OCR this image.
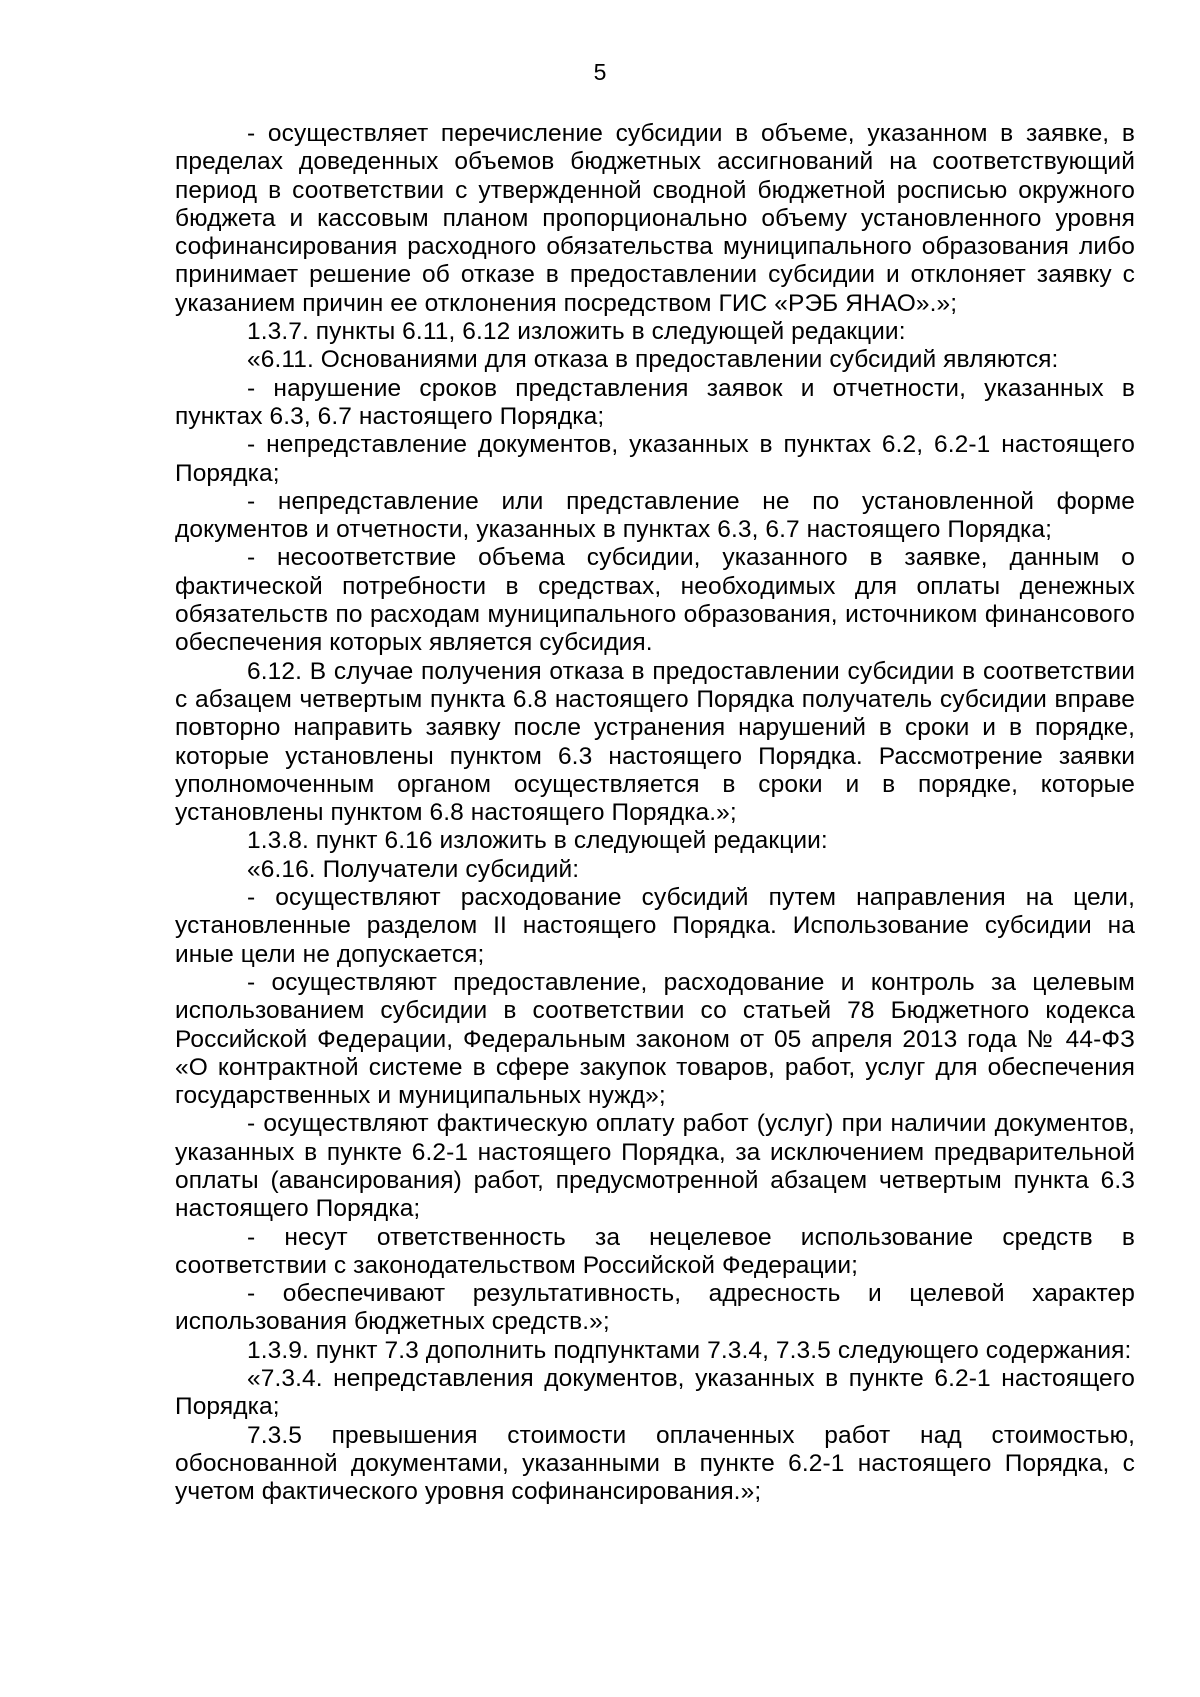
5

- осуществляет перечисление субсидии в объеме, указанном в заявке, в пределах доведенных объемов бюджетных ассигнований на соответствующий период в соответствии с утвержденной сводной бюджетной росписью окружного бюджета и кассовым планом пропорционально объему установленного уровня софинансирования расходного обязательства муниципального образования либо принимает решение об отказе в предоставлении субсидии и отклоняет заявку с указанием причин ее отклонения посредством ГИС «РЭБ ЯНАО».»;

1.3.7. пункты 6.11, 6.12 изложить в следующей редакции:

«6.11. Основаниями для отказа в предоставлении субсидий являются:

- нарушение сроков представления заявок и отчетности, указанных в пунктах 6.3, 6.7 настоящего Порядка;

- непредставление документов, указанных в пунктах 6.2, 6.2-1 настоящего Порядка;

- непредставление или представление не по установленной форме документов и отчетности, указанных в пунктах 6.3, 6.7 настоящего Порядка;

- несоответствие объема субсидии, указанного в заявке, данным о фактической потребности в средствах, необходимых для оплаты денежных обязательств по расходам муниципального образования, источником финансового обеспечения которых является субсидия.

6.12. В случае получения отказа в предоставлении субсидии в соответствии с абзацем четвертым пункта 6.8 настоящего Порядка получатель субсидии вправе повторно направить заявку после устранения нарушений в сроки и в порядке, которые установлены пунктом 6.3 настоящего Порядка. Рассмотрение заявки уполномоченным органом осуществляется в сроки и в порядке, которые установлены пунктом 6.8 настоящего Порядка.»;

1.3.8. пункт 6.16 изложить в следующей редакции:

«6.16. Получатели субсидий:

- осуществляют расходование субсидий путем направления на цели, установленные разделом II настоящего Порядка. Использование субсидии на иные цели не допускается;

- осуществляют предоставление, расходование и контроль за целевым использованием субсидии в соответствии со статьей 78 Бюджетного кодекса Российской Федерации, Федеральным законом от 05 апреля 2013 года № 44-ФЗ «О контрактной системе в сфере закупок товаров, работ, услуг для обеспечения государственных и муниципальных нужд»;

- осуществляют фактическую оплату работ (услуг) при наличии документов, указанных в пункте 6.2-1 настоящего Порядка, за исключением предварительной оплаты (авансирования) работ, предусмотренной абзацем четвертым пункта 6.3 настоящего Порядка;

- несут ответственность за нецелевое использование средств в соответствии с законодательством Российской Федерации;

- обеспечивают результативность, адресность и целевой характер использования бюджетных средств.»;

1.3.9. пункт 7.3 дополнить подпунктами 7.3.4, 7.3.5 следующего содержания:

«7.3.4. непредставления документов, указанных в пункте 6.2-1 настоящего Порядка;

7.3.5 превышения стоимости оплаченных работ над стоимостью, обоснованной документами, указанными в пункте 6.2-1 настоящего Порядка, с учетом фактического уровня софинансирования.»;
